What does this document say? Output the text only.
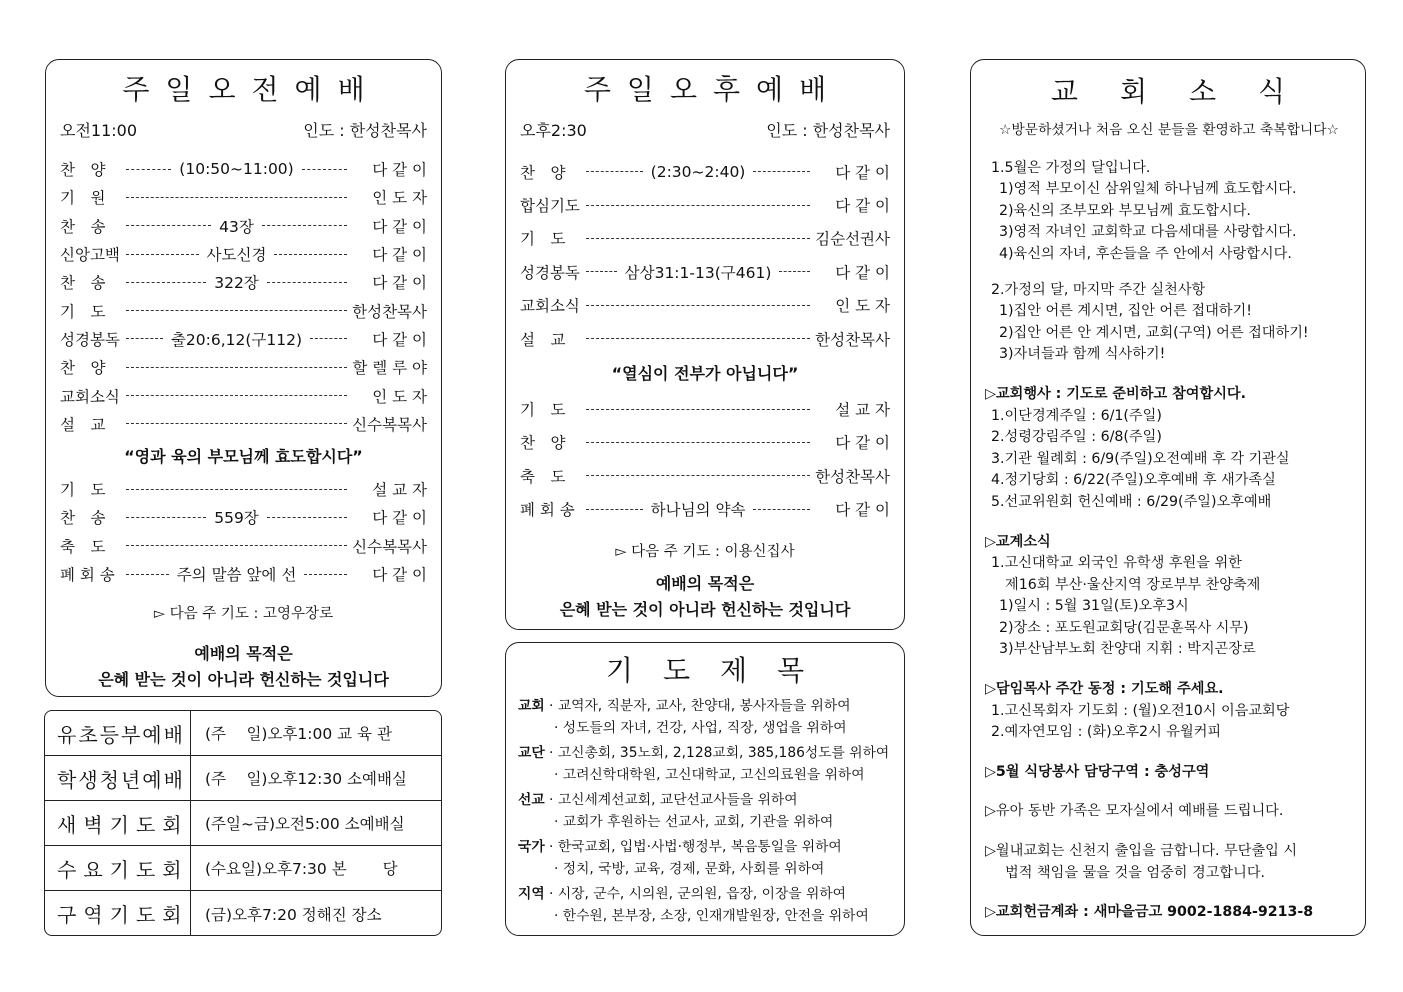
주일오전예배
오전11:00	인도 : 한성찬목사
찬　양	(10:50~11:00)	다 같 이
기　원	인 도 자
찬　송	43장	다 같 이
신앙고백	사도신경	다 같 이
찬　송	322장	다 같 이
기　도	한성찬목사
성경봉독	출20:6,12(구112)	다 같 이
찬　양	할 렐 루 야
교회소식	인 도 자
설　교	신수복목사
“영과 육의 부모님께 효도합시다”
기　도	설 교 자
찬　송	559장	다 같 이
축　도	신수복목사
폐 회 송	주의 말씀 앞에 선	다 같 이
▻ 다음 주 기도 : 고영우장로
예배의 목적은
은혜 받는 것이 아니라 헌신하는 것입니다
유초등부예배	(주　 일)오후1:00 교 육 관
학생청년예배	(주　 일)오후12:30 소예배실
새벽기도회	(주일~금)오전5:00 소예배실
수요기도회	(수요일)오후7:30 본　　 당
구역기도회	(금)오후7:20 정해진 장소
주일오후예배
오후2:30	인도 : 한성찬목사
찬　양	(2:30~2:40)	다 같 이
합심기도	다 같 이
기　도	김순선권사
성경봉독	삼상31:1-13(구461)	다 같 이
교회소식	인 도 자
설　교	한성찬목사
“열심이 전부가 아닙니다”
기　도	설 교 자
찬　양	다 같 이
축　도	한성찬목사
폐 회 송	하나님의 약속	다 같 이
▻ 다음 주 기도 : 이용신집사
예배의 목적은
은혜 받는 것이 아니라 헌신하는 것입니다
기도제목
교회 · 교역자, 직분자, 교사, 찬양대, 봉사자들을 위하여
· 성도들의 자녀, 건강, 사업, 직장, 생업을 위하여
교단 · 고신총회, 35노회, 2,128교회, 385,186성도를 위하여
· 고려신학대학원, 고신대학교, 고신의료원을 위하여
선교 · 고신세계선교회, 교단선교사들을 위하여
· 교회가 후원하는 선교사, 교회, 기관을 위하여
국가 · 한국교회, 입법·사법·행정부, 복음통일을 위하여
· 정치, 국방, 교육, 경제, 문화, 사회를 위하여
지역 · 시장, 군수, 시의원, 군의원, 읍장, 이장을 위하여
· 한수원, 본부장, 소장, 인재개발원장, 안전을 위하여
교회소식
☆방문하셨거나 처음 오신 분들을 환영하고 축복합니다☆
1.5월은 가정의 달입니다.
1)영적 부모이신 삼위일체 하나님께 효도합시다.
2)육신의 조부모와 부모님께 효도합시다.
3)영적 자녀인 교회학교 다음세대를 사랑합시다.
4)육신의 자녀, 후손들을 주 안에서 사랑합시다.
2.가정의 달, 마지막 주간 실천사항
1)집안 어른 계시면, 집안 어른 접대하기!
2)집안 어른 안 계시면, 교회(구역) 어른 접대하기!
3)자녀들과 함께 식사하기!
▷교회행사 : 기도로 준비하고 참여합시다.
1.이단경계주일 : 6/1(주일)
2.성령강림주일 : 6/8(주일)
3.기관 월례회 : 6/9(주일)오전예배 후 각 기관실
4.정기당회 : 6/22(주일)오후예배 후 새가족실
5.선교위원회 헌신예배 : 6/29(주일)오후예배
▷교계소식
1.고신대학교 외국인 유학생 후원을 위한
제16회 부산·울산지역 장로부부 찬양축제
1)일시 : 5월 31일(토)오후3시
2)장소 : 포도원교회당(김문훈목사 시무)
3)부산남부노회 찬양대 지휘 : 박지곤장로
▷담임목사 주간 동정 : 기도해 주세요.
1.고신목회자 기도회 : (월)오전10시 이음교회당
2.예자연모임 : (화)오후2시 유월커피
▷5월 식당봉사 담당구역 : 충성구역
▷유아 동반 가족은 모자실에서 예배를 드립니다.
▷월내교회는 신천지 출입을 금합니다. 무단출입 시
법적 책임을 물을 것을 엄중히 경고합니다.
▷교회헌금계좌 : 새마을금고 9002-1884-9213-8
